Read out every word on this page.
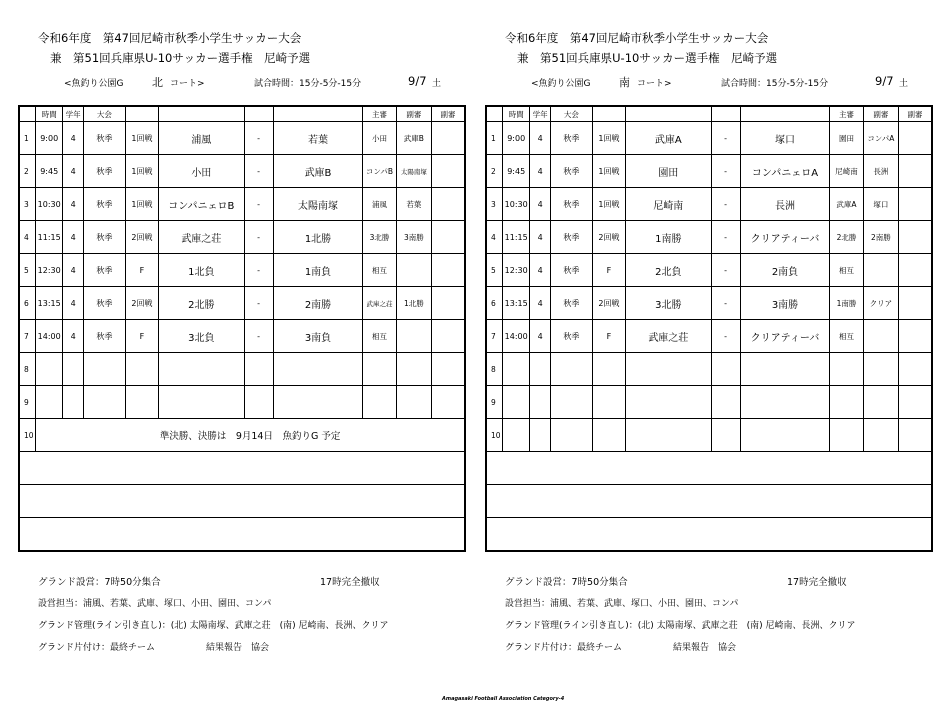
令和6年度　第47回尼崎市秋季小学生サッカー大会
兼　第51回兵庫県U-10サッカー選手権　尼崎予選
<魚釣り公園G	北 コート>	試合時間：15分-5分-15分	9/7 土
	時間	学年	大会					主審	副審	副審
1	9:00	4	秋季	1回戦	浦風	-	若葉	小田	武庫B	
2	9:45	4	秋季	1回戦	小田	-	武庫B	コンパB	太陽南塚	
3	10:30	4	秋季	1回戦	コンパニェロB	-	太陽南塚	浦風	若葉	
4	11:15	4	秋季	2回戦	武庫之荘	-	1北勝	3北勝	3南勝	
5	12:30	4	秋季	F	1北負	-	1南負	相互		
6	13:15	4	秋季	2回戦	2北勝	-	2南勝	武庫之荘	1北勝	
7	14:00	4	秋季	F	3北負	-	3南負	相互		
8										
9										
10	準決勝、決勝は　9月14日　魚釣りG 予定									

グランド設営：7時50分集合	17時完全撤収
設営担当：浦風、若葉、武庫、塚口、小田、園田、コンパ
グランド管理(ライン引き直し)：(北) 太陽南塚、武庫之荘　(南) 尼崎南、長洲、クリア
グランド片付け：最終チーム	結果報告　協会
令和6年度　第47回尼崎市秋季小学生サッカー大会
兼　第51回兵庫県U-10サッカー選手権　尼崎予選
<魚釣り公園G	南 コート>	試合時間：15分-5分-15分	9/7 土
	時間	学年	大会					主審	副審	副審
1	9:00	4	秋季	1回戦	武庫A	-	塚口	園田	コンパA	
2	9:45	4	秋季	1回戦	園田	-	コンパニェロA	尼崎南	長洲	
3	10:30	4	秋季	1回戦	尼崎南	-	長洲	武庫A	塚口	
4	11:15	4	秋季	2回戦	1南勝	-	クリアティーバ	2北勝	2南勝	
5	12:30	4	秋季	F	2北負	-	2南負	相互		
6	13:15	4	秋季	2回戦	3北勝	-	3南勝	1南勝	クリア	
7	14:00	4	秋季	F	武庫之荘	-	クリアティーバ	相互		
8										
9										
10										

グランド設営：7時50分集合	17時完全撤収
設営担当：浦風、若葉、武庫、塚口、小田、園田、コンパ
グランド管理(ライン引き直し)：(北) 太陽南塚、武庫之荘　(南) 尼崎南、長洲、クリア
グランド片付け：最終チーム	結果報告　協会
Amagasaki Football Association Category-4
